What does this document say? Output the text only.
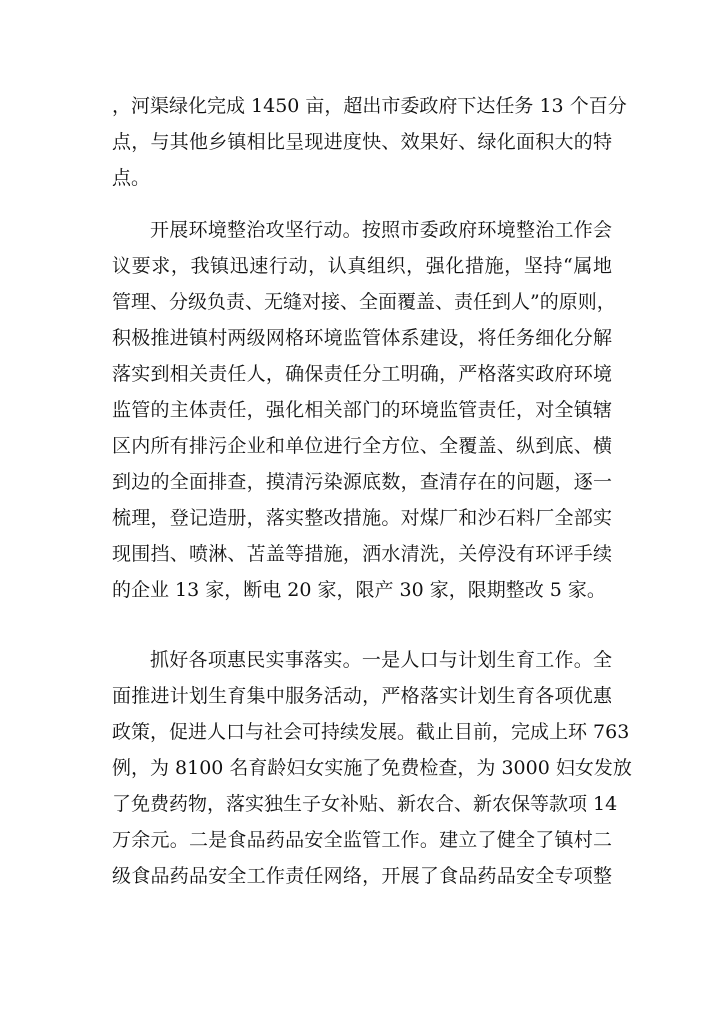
，河渠绿化完成 1450 亩，超出市委政府下达任务 13 个百分
点，与其他乡镇相比呈现进度快、效果好、绿化面积大的特
点。
开展环境整治攻坚行动。按照市委政府环境整治工作会
议要求，我镇迅速行动，认真组织，强化措施，坚持“属地
管理、分级负责、无缝对接、全面覆盖、责任到人”的原则，
积极推进镇村两级网格环境监管体系建设，将任务细化分解
落实到相关责任人，确保责任分工明确，严格落实政府环境
监管的主体责任，强化相关部门的环境监管责任，对全镇辖
区内所有排污企业和单位进行全方位、全覆盖、纵到底、横
到边的全面排查，摸清污染源底数，查清存在的问题，逐一
梳理，登记造册，落实整改措施。对煤厂和沙石料厂全部实
现围挡、喷淋、苫盖等措施，洒水清洗，关停没有环评手续
的企业 13 家，断电 20 家，限产 30 家，限期整改 5 家。
抓好各项惠民实事落实。一是人口与计划生育工作。全
面推进计划生育集中服务活动，严格落实计划生育各项优惠
政策，促进人口与社会可持续发展。截止目前，完成上环 763
例，为 8100 名育龄妇女实施了免费检查，为 3000 妇女发放
了免费药物，落实独生子女补贴、新农合、新农保等款项 14
万余元。二是食品药品安全监管工作。建立了健全了镇村二
级食品药品安全工作责任网络，开展了食品药品安全专项整
